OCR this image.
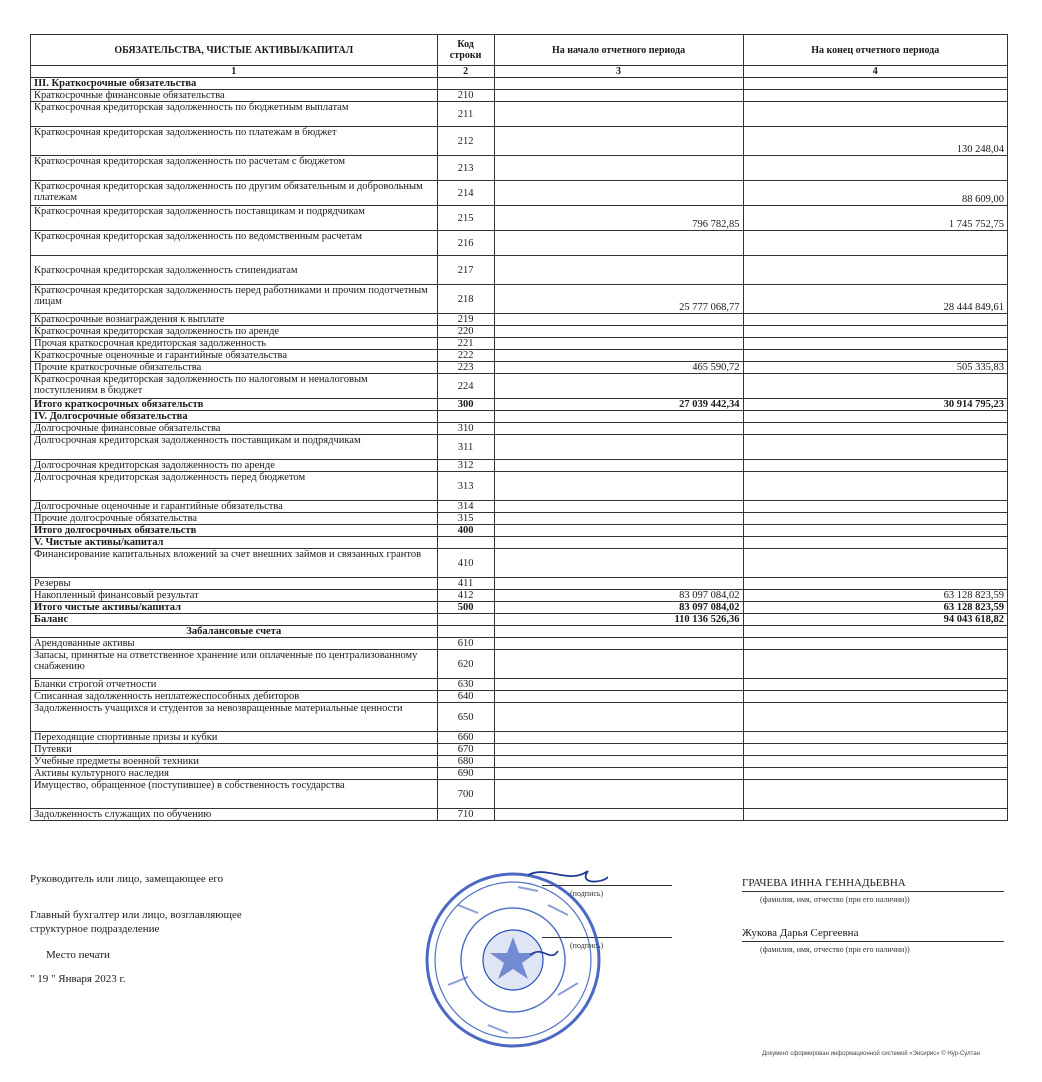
ОБЯЗАТЕЛЬСТВА, ЧИСТЫЕ АКТИВЫ/КАПИТАЛ	Код строки	На начало отчетного периода	На конец отчетного периода
1	2	3	4
III. Краткосрочные обязательства			
Краткосрочные финансовые обязательства	210		
Краткосрочная кредиторская задолженность по бюджетным выплатам	211		
Краткосрочная кредиторская задолженность по платежам в бюджет	212		130 248,04
Краткосрочная кредиторская задолженность по расчетам с бюджетом	213		
Краткосрочная кредиторская задолженность по другим обязательным и добровольным платежам	214		88 609,00
Краткосрочная кредиторская задолженность поставщикам и подрядчикам	215	796 782,85	1 745 752,75
Краткосрочная кредиторская задолженность по ведомственным расчетам	216		
Краткосрочная кредиторская задолженность стипендиатам	217		
Краткосрочная кредиторская задолженность перед работниками и прочим подотчетным лицам	218	25 777 068,77	28 444 849,61
Краткосрочные вознаграждения к выплате	219		
Краткосрочная кредиторская задолженность по аренде	220		
Прочая краткосрочная кредиторская задолженность	221		
Краткосрочные оценочные и гарантийные обязательства	222		
Прочие краткосрочные обязательства	223	465 590,72	505 335,83
Краткосрочная кредиторская задолженность по налоговым и неналоговым поступлениям в бюджет	224		
Итого краткосрочных обязательств	300	27 039 442,34	30 914 795,23
IV. Долгосрочные обязательства			
Долгосрочные финансовые обязательства	310		
Долгосрочная кредиторская задолженность поставщикам и подрядчикам	311		
Долгосрочная кредиторская задолженность по аренде	312		
Долгосрочная кредиторская задолженность перед бюджетом	313		
Долгосрочные оценочные и гарантийные обязательства	314		
Прочие долгосрочные обязательства	315		
Итого долгосрочных обязательств	400		
V. Чистые активы/капитал			
Финансирование капитальных вложений за счет внешних займов и связанных грантов	410		
Резервы	411		
Накопленный финансовый результат	412	83 097 084,02	63 128 823,59
Итого чистые активы/капитал	500	83 097 084,02	63 128 823,59
Баланс		110 136 526,36	94 043 618,82
Забалансовые счета			
Арендованные активы	610		
Запасы, принятые на ответственное хранение или оплаченные по централизованному снабжению	620		
Бланки строгой отчетности	630		
Списанная задолженность неплатежеспособных дебиторов	640		
Задолженность учащихся и студентов за невозвращенные материальные ценности	650		
Переходящие спортивные призы и кубки	660		
Путевки	670		
Учебные предметы военной техники	680		
Активы культурного наследия	690		
Имущество, обращенное (поступившее) в собственность государства	700		
Задолженность служащих по обучению	710		
Руководитель или лицо, замещающее его	ГРАЧЕВА ИННА ГЕННАДЬЕВНА
(фамилия, имя, отчество (при его наличии))
Главный бухгалтер или лицо, возглавляющее
структурное подразделение	Жукова Дарья Сергеевна
(фамилия, имя, отчество (при его наличии))
Место печати
" 19 " Января 2023 г.
(подпись)
(подпись)
Документ сформирован информационной системой «Энсирис» © Нур-Султан
